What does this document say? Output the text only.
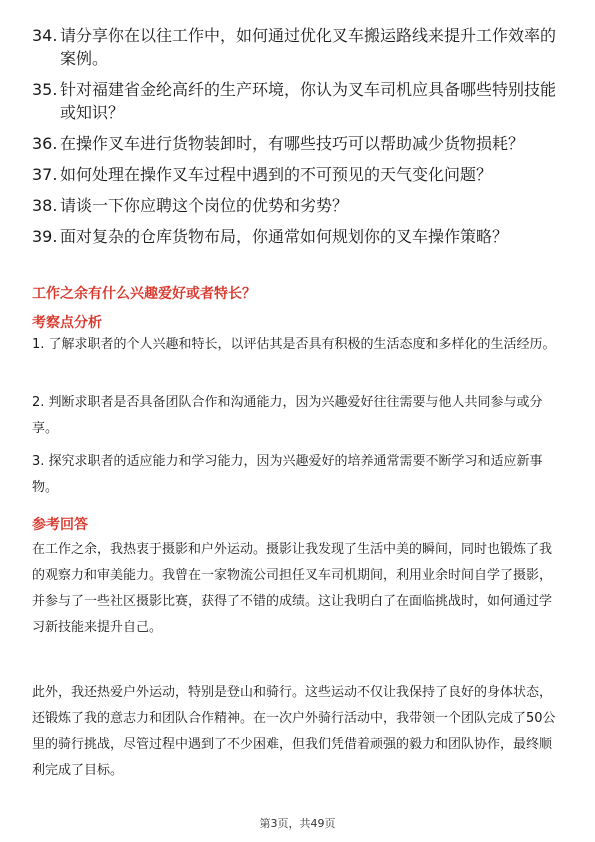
34. 请分享你在以往工作中，如何通过优化叉车搬运路线来提升工作效率的案例。
35. 针对福建省金纶高纤的生产环境，你认为叉车司机应具备哪些特别技能或知识？
36. 在操作叉车进行货物装卸时，有哪些技巧可以帮助减少货物损耗？
37. 如何处理在操作叉车过程中遇到的不可预见的天气变化问题？
38. 请谈一下你应聘这个岗位的优势和劣势？
39. 面对复杂的仓库货物布局，你通常如何规划你的叉车操作策略？
工作之余有什么兴趣爱好或者特长？
考察点分析
1. 了解求职者的个人兴趣和特长，以评估其是否具有积极的生活态度和多样化的生活经历。
2. 判断求职者是否具备团队合作和沟通能力，因为兴趣爱好往往需要与他人共同参与或分享。
3. 探究求职者的适应能力和学习能力，因为兴趣爱好的培养通常需要不断学习和适应新事物。
参考回答
在工作之余，我热衷于摄影和户外运动。摄影让我发现了生活中美的瞬间，同时也锻炼了我的观察力和审美能力。我曾在一家物流公司担任叉车司机期间，利用业余时间自学了摄影，并参与了一些社区摄影比赛，获得了不错的成绩。这让我明白了在面临挑战时，如何通过学习新技能来提升自己。
此外，我还热爱户外运动，特别是登山和骑行。这些运动不仅让我保持了良好的身体状态，还锻炼了我的意志力和团队合作精神。在一次户外骑行活动中，我带领一个团队完成了50公里的骑行挑战，尽管过程中遇到了不少困难，但我们凭借着顽强的毅力和团队协作，最终顺利完成了目标。
第3页，共49页
